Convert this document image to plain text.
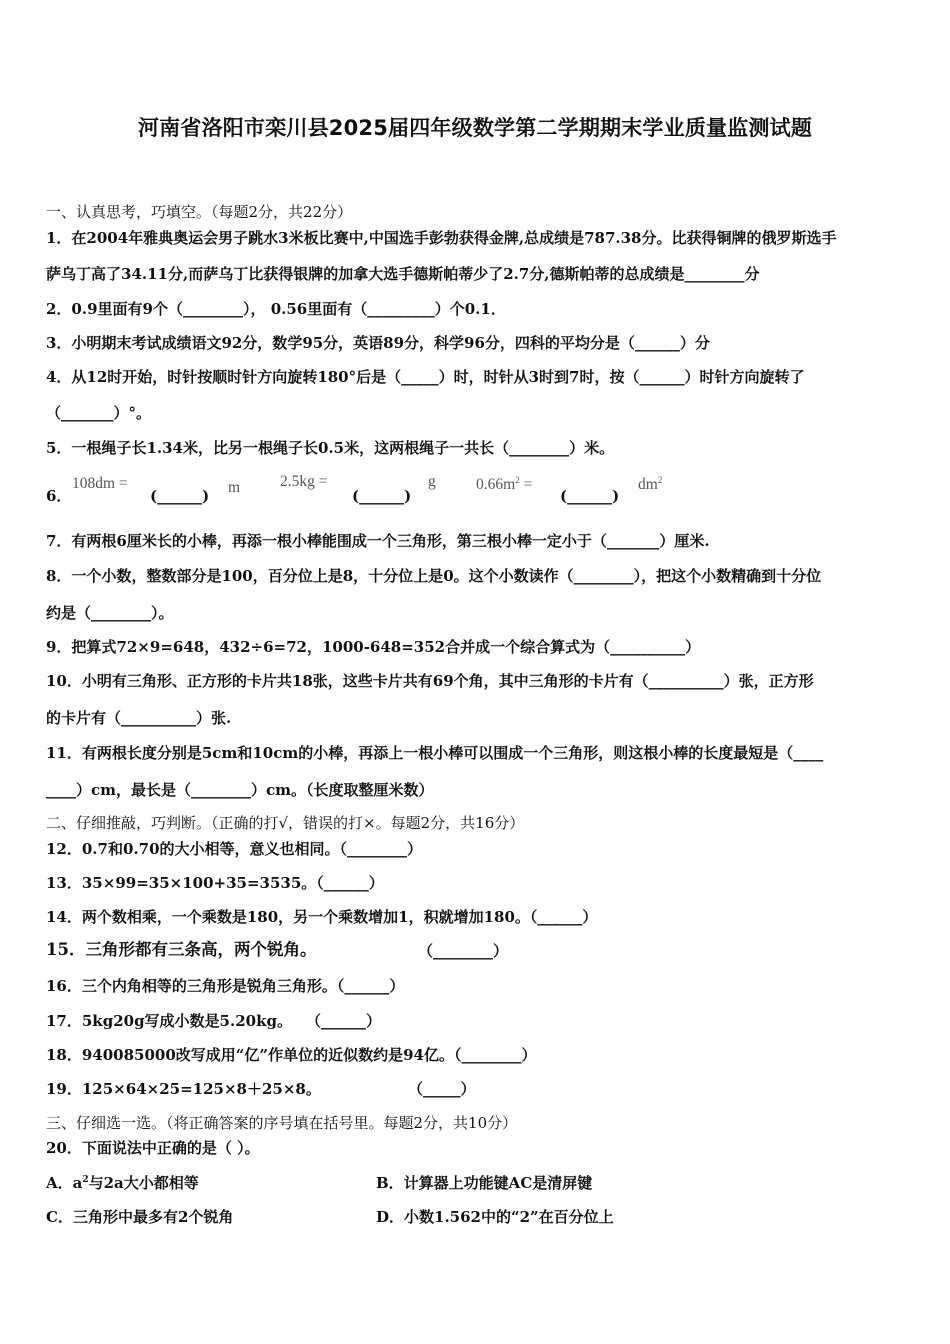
河南省洛阳市栾川县2025届四年级数学第二学期期末学业质量监测试题
一、认真思考，巧填空。（每题2分，共22分）
1．在2004年雅典奥运会男子跳水3米板比赛中,中国选手彭勃获得金牌,总成绩是787.38分。比获得铜牌的俄罗斯选手
萨乌丁高了34.11分,而萨乌丁比获得银牌的加拿大选手德斯帕蒂少了2.7分,德斯帕蒂的总成绩是________分
2．0.9里面有9个（________）， 0.56里面有（_________）个0.1．
3．小明期末考试成绩语文92分，数学95分，英语89分，科学96分，四科的平均分是（______）分
4．从12时开始，时针按顺时针方向旋转180°后是（_____）时，时针从3时到7时，按（______）时针方向旋转了
（_______）°。
5．一根绳子长1.34米，比另一根绳子长0.5米，这两根绳子一共长（________）米。
6．
108dm =
(______) m	2.5kg =
(______)
g	$0.66m^2$ =
(______)
$dm^2$
7．有两根6厘米长的小棒，再添一根小棒能围成一个三角形，第三根小棒一定小于（_______）厘米.
8．一个小数，整数部分是100，百分位上是8，十分位上是0。这个小数读作（________），把这个小数精确到十分位
约是（________）。
9．把算式72×9=648，432÷6=72，1000-648=352合并成一个综合算式为（__________）
10．小明有三角形、正方形的卡片共18张，这些卡片共有69个角，其中三角形的卡片有（__________）张，正方形
的卡片有（__________）张.
11．有两根长度分别是5cm和10cm的小棒，再添上一根小棒可以围成一个三角形，则这根小棒的长度最短是（____
____）cm，最长是（________）cm。（长度取整厘米数）
二、仔细推敲，巧判断。（正确的打√，错误的打×。每题2分，共16分）
12．0.7和0.70的大小相等，意义也相同。（________）
13．35×99=35×100+35=3535。（______）
14．两个数相乘，一个乘数是180，另一个乘数增加1，积就增加180。（______）
15．三角形都有三条高，两个锐角。	（________）
16．三个内角相等的三角形是锐角三角形。（______）
17．5kg20g写成小数是5.20kg。 （______）
18．940085000改写成用“亿”作单位的近似数约是94亿。（________）
19．125×64×25=125×8＋25×8。	（_____）
三、仔细选一选。（将正确答案的序号填在括号里。每题2分，共10分）
20．下面说法中正确的是（ ）。
A．$a^2$与2a大小都相等	B．计算器上功能键AC是清屏键
C．三角形中最多有2个锐角	D．小数1.562中的“2”在百分位上
